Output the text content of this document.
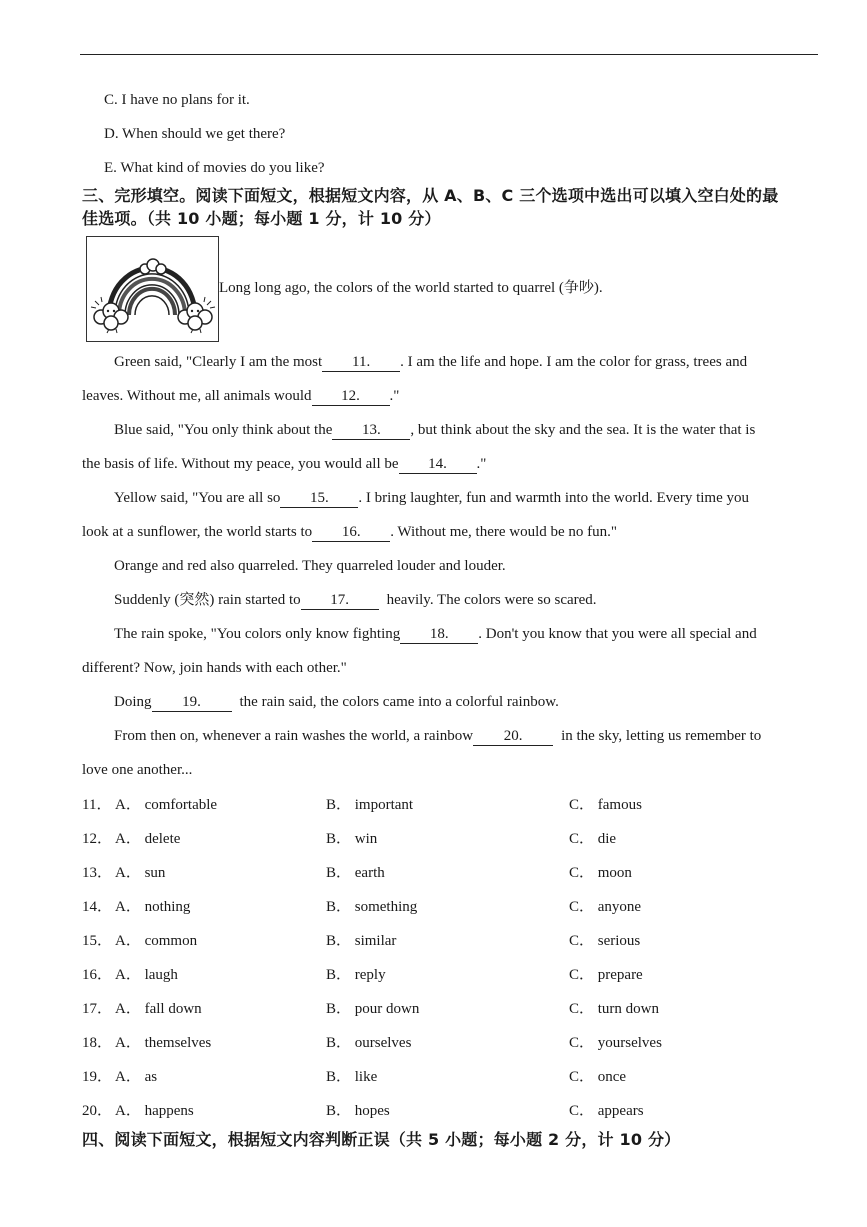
C. I have no plans for it.
D. When should we get there?
E. What kind of movies do you like?
三、完形填空。阅读下面短文，根据短文内容，从 A、B、C 三个选项中选出可以填入空白处的最
佳选项。（共 10 小题；每小题 1 分，计 10 分）
Long long ago, the colors of the world started to quarrel (争吵).
Green said, "Clearly I am the most 11. . I am the life and hope. I am the color for grass, trees and
leaves. Without me, all animals would 12. ."
Blue said, "You only think about the 13. , but think about the sky and the sea. It is the water that is
the basis of life. Without my peace, you would all be 14. ."
Yellow said, "You are all so 15. . I bring laughter, fun and warmth into the world. Every time you
look at a sunflower, the world starts to 16. . Without me, there would be no fun."
Orange and red also quarreled. They quarreled louder and louder.
Suddenly (突然) rain started to 17.	heavily. The colors were so scared.
The rain spoke, "You colors only know fighting 18. . Don't you know that you were all special and
different? Now, join hands with each other."
Doing 19.	the rain said, the colors came into a colorful rainbow.
From then on, whenever a rain washes the world, a rainbow 20.	in the sky, letting us remember to
love one another...
11． A． comfortable	B． important	C． famous
12． A． delete	B． win	C． die
13． A． sun	B． earth	C． moon
14． A． nothing	B． something	C． anyone
15． A． common	B． similar	C． serious
16． A． laugh	B． reply	C． prepare
17． A． fall down	B． pour down	C． turn down
18． A． themselves	B． ourselves	C． yourselves
19． A． as	B． like	C． once
20． A． happens	B． hopes	C． appears
四、阅读下面短文，根据短文内容判断正误（共 5 小题；每小题 2 分，计 10 分）
